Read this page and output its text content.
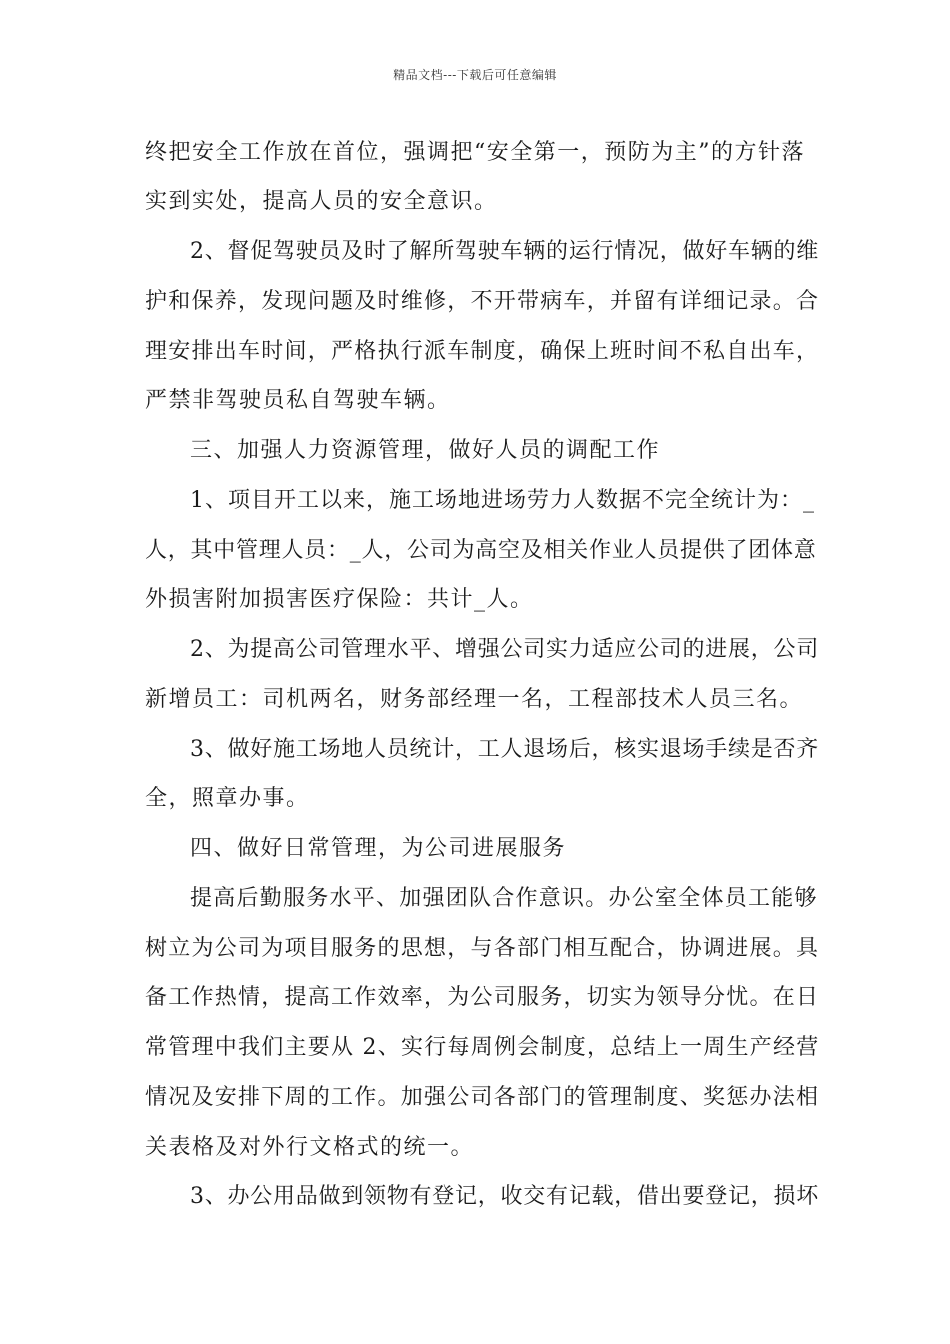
精品文档---下载后可任意编辑
终把安全工作放在首位，强调把“安全第一，预防为主”的方针落
实到实处，提高人员的安全意识。
2、督促驾驶员及时了解所驾驶车辆的运行情况，做好车辆的维
护和保养，发现问题及时维修，不开带病车，并留有详细记录。合
理安排出车时间，严格执行派车制度，确保上班时间不私自出车，
严禁非驾驶员私自驾驶车辆。
三、加强人力资源管理，做好人员的调配工作
1、项目开工以来，施工场地进场劳力人数据不完全统计为：_
人，其中管理人员：_人，公司为高空及相关作业人员提供了团体意
外损害附加损害医疗保险：共计_人。
2、为提高公司管理水平、增强公司实力适应公司的进展，公司
新增员工：司机两名，财务部经理一名，工程部技术人员三名。
3、做好施工场地人员统计，工人退场后，核实退场手续是否齐
全，照章办事。
四、做好日常管理，为公司进展服务
提高后勤服务水平、加强团队合作意识。办公室全体员工能够
树立为公司为项目服务的思想，与各部门相互配合，协调进展。具
备工作热情，提高工作效率，为公司服务，切实为领导分忧。在日
常管理中我们主要从 2、实行每周例会制度，总结上一周生产经营
情况及安排下周的工作。加强公司各部门的管理制度、奖惩办法相
关表格及对外行文格式的统一。
3、办公用品做到领物有登记，收交有记载，借出要登记，损坏
